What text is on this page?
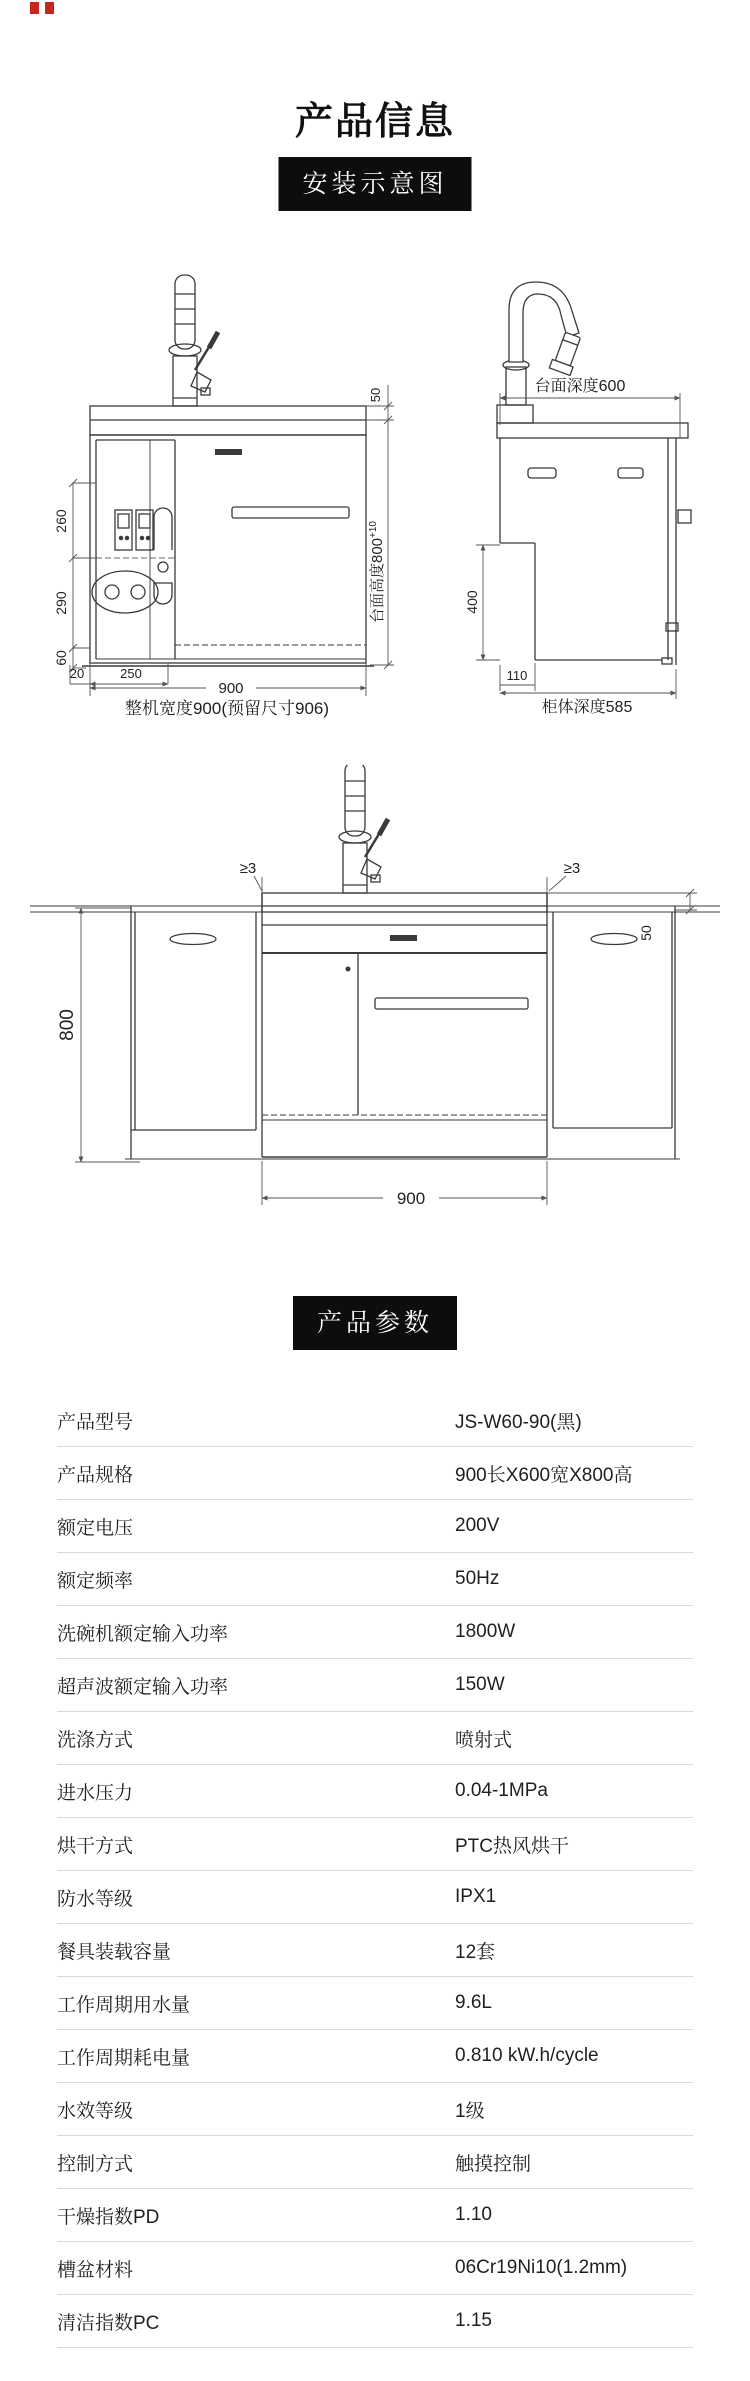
产品信息
安装示意图
50
台面高度$800^{+10}$
260
290
60
20	250
900
整机宽度900(预留尺寸906)
台面深度600
400
110
柜体深度585
≥3	≥3
800
50
900
产品参数
产品型号	JS-W60-90(黑)
产品规格	900长X600宽X800高
额定电压	200V
额定频率	50Hz
洗碗机额定输入功率	1800W
超声波额定输入功率	150W
洗涤方式	喷射式
进水压力	0.04-1MPa
烘干方式	PTC热风烘干
防水等级	IPX1
餐具装载容量	12套
工作周期用水量	9.6L
工作周期耗电量	0.810 kW.h/cycle
水效等级	1级
控制方式	触摸控制
干燥指数PD	1.10
槽盆材料	06Cr19Ni10(1.2mm)
清洁指数PC	1.15
